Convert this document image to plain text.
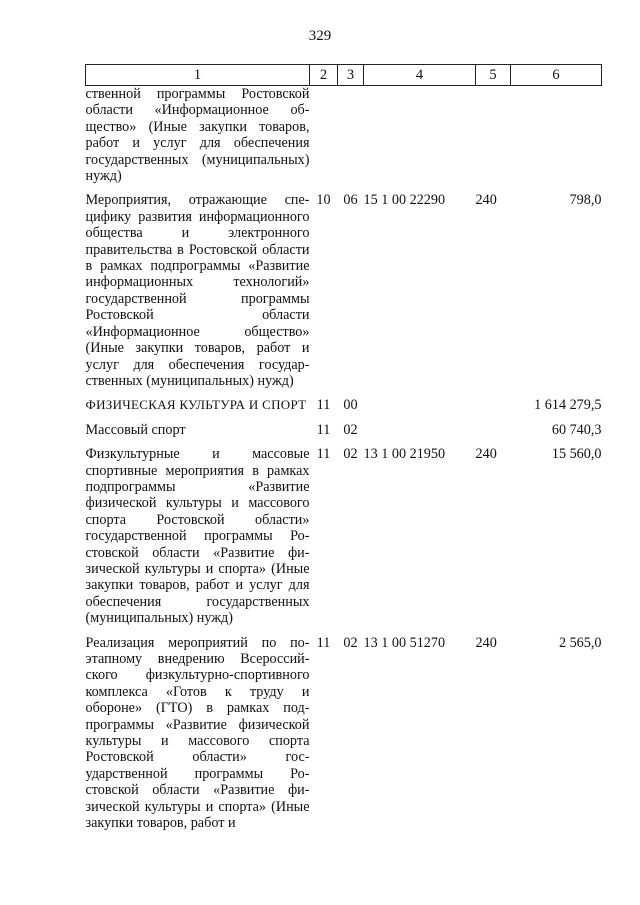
329
1	2	3	4	5	6
ственной программы Ростовской области «Информационное общество» (Иные закупки товаров, работ и услуг для обеспечения государственных (муниципальных) нужд)					
Мероприятия, отражающие специфику развития информационного общества и электронного правительства в Ростовской области в рамках подпрограммы «Развитие информационных технологий» государственной программы Ростовской области «Информационное общество» (Иные закупки товаров, работ и услуг для обеспечения государственных (муниципальных) нужд)	10	06	15 1 00 22290	240	798,0
ФИЗИЧЕСКАЯ КУЛЬТУРА И СПОРТ	11	00			1 614 279,5
Массовый спорт	11	02			60 740,3
Физкультурные и массовые спортивные мероприятия в рамках подпрограммы «Развитие физической культуры и массового спорта Ростовской области» государственной программы Ростовской области «Развитие физической культуры и спорта» (Иные закупки товаров, работ и услуг для обеспечения государственных (муниципальных) нужд)	11	02	13 1 00 21950	240	15 560,0
Реализация мероприятий по поэтапному внедрению Всероссийского физкультурно-спортивного комплекса «Готов к труду и обороне» (ГТО) в рамках подпрограммы «Развитие физической культуры и массового спорта Ростовской области» государственной программы Ростовской области «Развитие физической культуры и спорта» (Иные закупки товаров, работ и	11	02	13 1 00 51270	240	2 565,0
